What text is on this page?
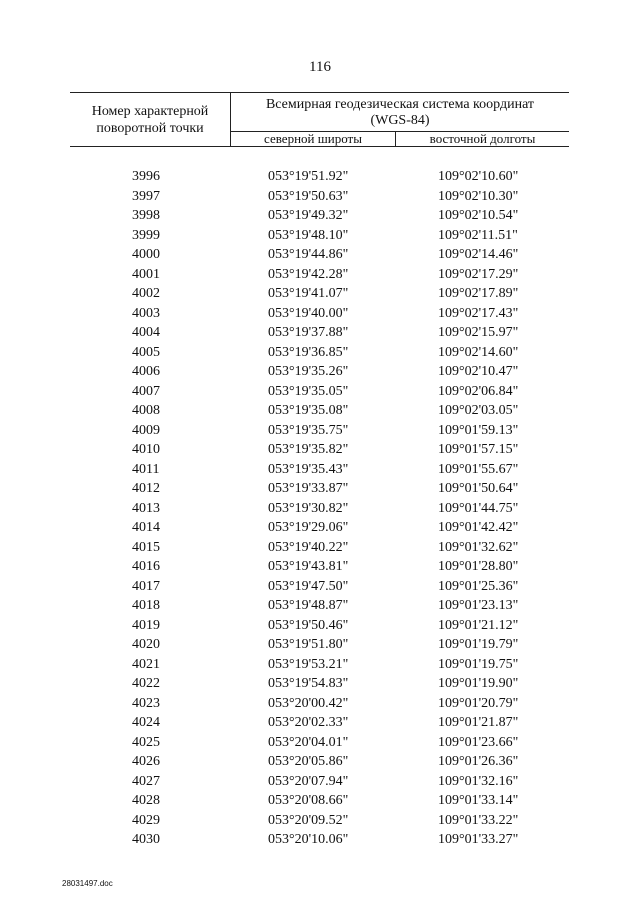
116
Номер характерной
поворотной точки
Всемирная геодезическая система координат
(WGS-84)
северной широты	восточной долготы
3996	053°19'51.92"	109°02'10.60"
3997	053°19'50.63"	109°02'10.30"
3998	053°19'49.32"	109°02'10.54"
3999	053°19'48.10"	109°02'11.51"
4000	053°19'44.86"	109°02'14.46"
4001	053°19'42.28"	109°02'17.29"
4002	053°19'41.07"	109°02'17.89"
4003	053°19'40.00"	109°02'17.43"
4004	053°19'37.88"	109°02'15.97"
4005	053°19'36.85"	109°02'14.60"
4006	053°19'35.26"	109°02'10.47"
4007	053°19'35.05"	109°02'06.84"
4008	053°19'35.08"	109°02'03.05"
4009	053°19'35.75"	109°01'59.13"
4010	053°19'35.82"	109°01'57.15"
4011	053°19'35.43"	109°01'55.67"
4012	053°19'33.87"	109°01'50.64"
4013	053°19'30.82"	109°01'44.75"
4014	053°19'29.06"	109°01'42.42"
4015	053°19'40.22"	109°01'32.62"
4016	053°19'43.81"	109°01'28.80"
4017	053°19'47.50"	109°01'25.36"
4018	053°19'48.87"	109°01'23.13"
4019	053°19'50.46"	109°01'21.12"
4020	053°19'51.80"	109°01'19.79"
4021	053°19'53.21"	109°01'19.75"
4022	053°19'54.83"	109°01'19.90"
4023	053°20'00.42"	109°01'20.79"
4024	053°20'02.33"	109°01'21.87"
4025	053°20'04.01"	109°01'23.66"
4026	053°20'05.86"	109°01'26.36"
4027	053°20'07.94"	109°01'32.16"
4028	053°20'08.66"	109°01'33.14"
4029	053°20'09.52"	109°01'33.22"
4030	053°20'10.06"	109°01'33.27"
28031497.doc
